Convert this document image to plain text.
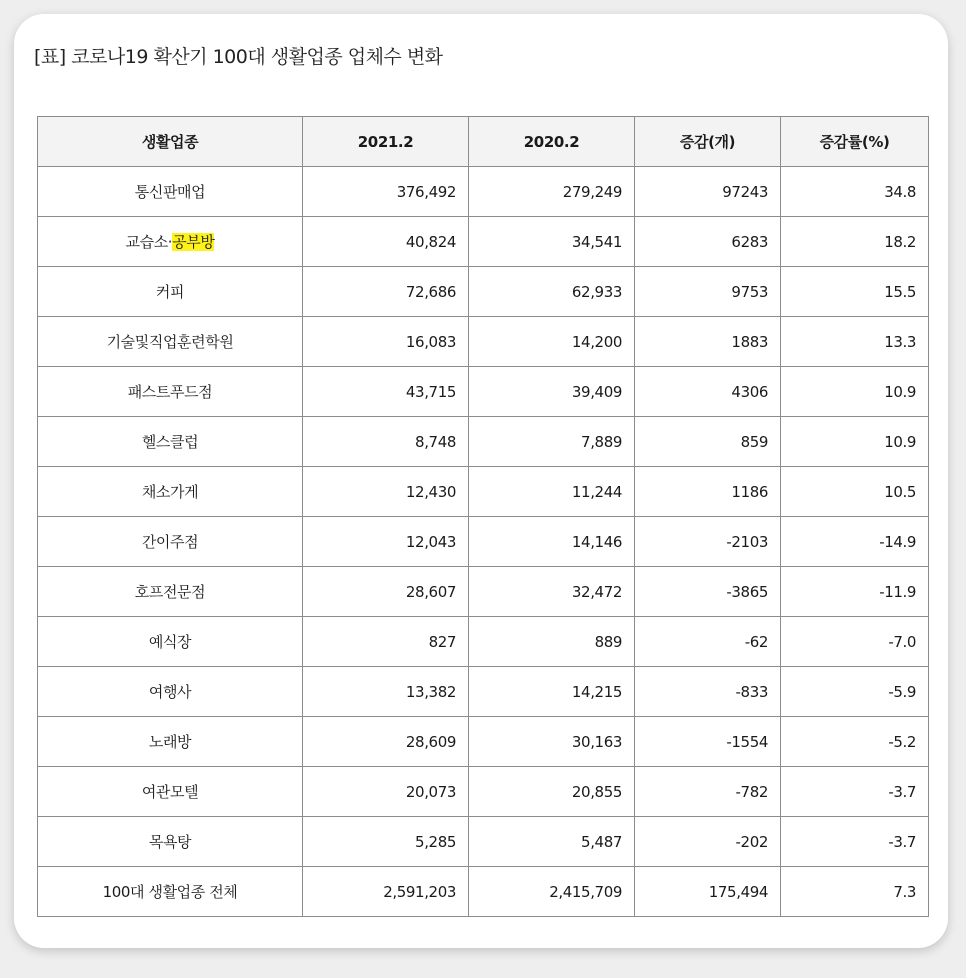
[표] 코로나19 확산기 100대 생활업종 업체수 변화
생활업종	2021.2	2020.2	증감(개)	증감률(%)
통신판매업	376,492	279,249	97243	34.8
교습소·공부방	40,824	34,541	6283	18.2
커피	72,686	62,933	9753	15.5
기술및직업훈련학원	16,083	14,200	1883	13.3
패스트푸드점	43,715	39,409	4306	10.9
헬스클럽	8,748	7,889	859	10.9
채소가게	12,430	11,244	1186	10.5
간이주점	12,043	14,146	-2103	-14.9
호프전문점	28,607	32,472	-3865	-11.9
예식장	827	889	-62	-7.0
여행사	13,382	14,215	-833	-5.9
노래방	28,609	30,163	-1554	-5.2
여관모텔	20,073	20,855	-782	-3.7
목욕탕	5,285	5,487	-202	-3.7
100대 생활업종 전체	2,591,203	2,415,709	175,494	7.3
